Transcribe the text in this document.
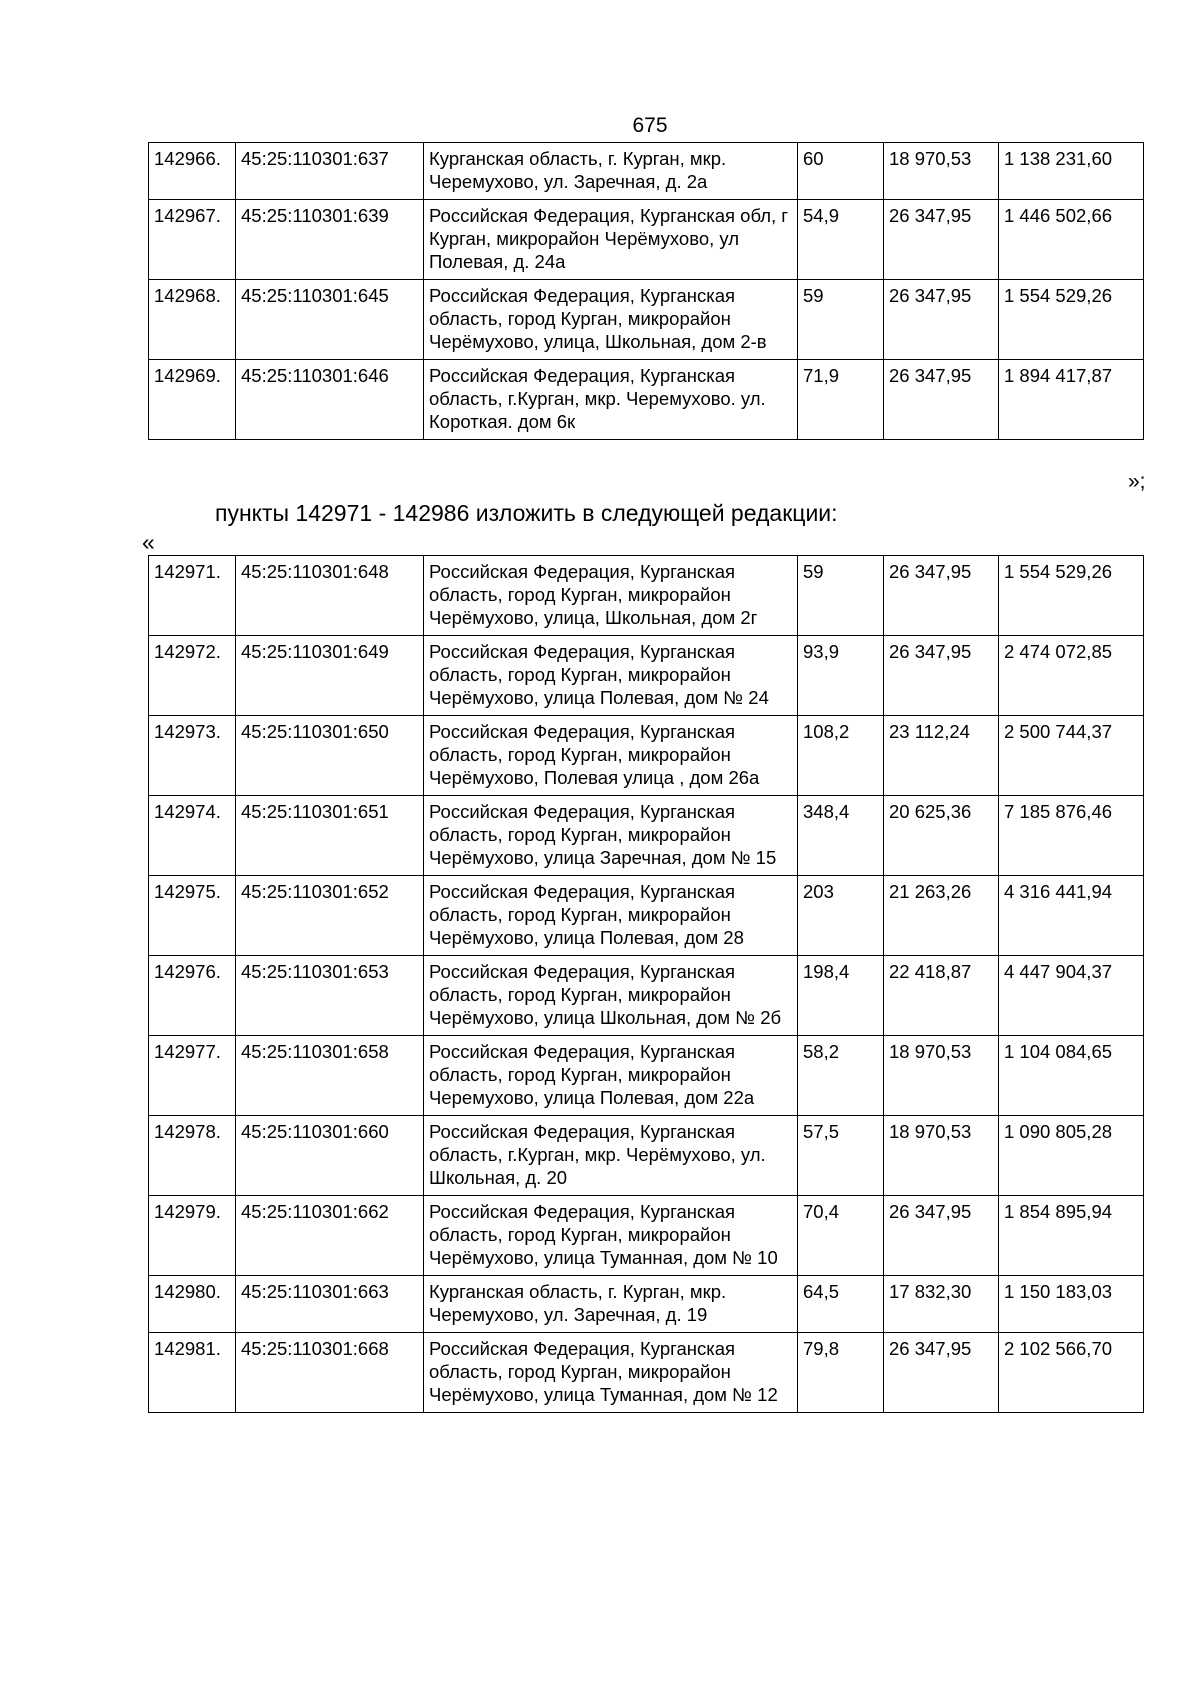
675
142966.	45:25:110301:637	Курганская область, г. Курган, мкр. Черемухово, ул. Заречная, д. 2а	60	18 970,53	1 138 231,60
142967.	45:25:110301:639	Российская Федерация, Курганская обл, г Курган, микрорайон Черёмухово, ул Полевая, д. 24а	54,9	26 347,95	1 446 502,66
142968.	45:25:110301:645	Российская Федерация, Курганская область, город Курган, микрорайон Черёмухово, улица, Школьная, дом 2-в	59	26 347,95	1 554 529,26
142969.	45:25:110301:646	Российская Федерация, Курганская область, г.Курган, мкр. Черемухово. ул. Короткая. дом 6к	71,9	26 347,95	1 894 417,87
»;
пункты 142971 - 142986 изложить в следующей редакции:
«
142971.	45:25:110301:648	Российская Федерация, Курганская область, город Курган, микрорайон Черёмухово, улица, Школьная, дом 2г	59	26 347,95	1 554 529,26
142972.	45:25:110301:649	Российская Федерация, Курганская область, город Курган, микрорайон Черёмухово, улица Полевая, дом № 24	93,9	26 347,95	2 474 072,85
142973.	45:25:110301:650	Российская Федерация, Курганская область, город Курган, микрорайон Черёмухово, Полевая улица , дом 26а	108,2	23 112,24	2 500 744,37
142974.	45:25:110301:651	Российская Федерация, Курганская область, город Курган, микрорайон Черёмухово, улица Заречная, дом № 15	348,4	20 625,36	7 185 876,46
142975.	45:25:110301:652	Российская Федерация, Курганская область, город Курган, микрорайон Черёмухово, улица Полевая, дом 28	203	21 263,26	4 316 441,94
142976.	45:25:110301:653	Российская Федерация, Курганская область, город Курган, микрорайон Черёмухово, улица Школьная, дом № 2б	198,4	22 418,87	4 447 904,37
142977.	45:25:110301:658	Российская Федерация, Курганская область, город Курган, микрорайон Черемухово, улица Полевая, дом 22а	58,2	18 970,53	1 104 084,65
142978.	45:25:110301:660	Российская Федерация, Курганская область, г.Курган, мкр. Черёмухово, ул. Школьная, д. 20	57,5	18 970,53	1 090 805,28
142979.	45:25:110301:662	Российская Федерация, Курганская область, город Курган, микрорайон Черёмухово, улица Туманная, дом № 10	70,4	26 347,95	1 854 895,94
142980.	45:25:110301:663	Курганская область, г. Курган, мкр. Черемухово, ул. Заречная, д. 19	64,5	17 832,30	1 150 183,03
142981.	45:25:110301:668	Российская Федерация, Курганская область, город Курган, микрорайон Черёмухово, улица Туманная, дом № 12	79,8	26 347,95	2 102 566,70
